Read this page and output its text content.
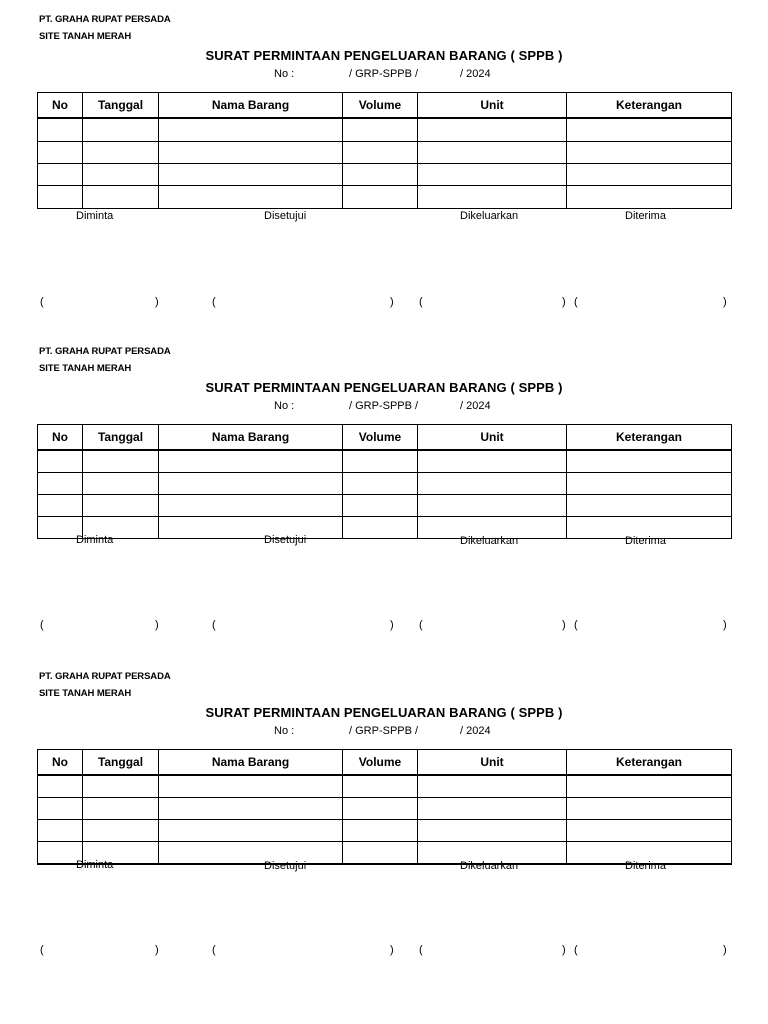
PT. GRAHA RUPAT PERSADA
SITE TANAH MERAH
SURAT PERMINTAAN PENGELUARAN BARANG ( SPPB )
No :	/ GRP-SPPB /	/ 2024
No	Tanggal	Nama Barang	Volume	Unit	Keterangan

Diminta	Disetujui	Dikeluarkan	Diterima
(	)	(	) (	) (	)
PT. GRAHA RUPAT PERSADA
SITE TANAH MERAH
SURAT PERMINTAAN PENGELUARAN BARANG ( SPPB )
No :	/ GRP-SPPB /	/ 2024
No	Tanggal	Nama Barang	Volume	Unit	Keterangan

Diminta	Disetujui	Dikeluarkan	Diterima
(	)	(	) (	) (	)
PT. GRAHA RUPAT PERSADA
SITE TANAH MERAH
SURAT PERMINTAAN PENGELUARAN BARANG ( SPPB )
No :	/ GRP-SPPB /	/ 2024
No	Tanggal	Nama Barang	Volume	Unit	Keterangan

Diminta	Disetujui	Dikeluarkan	Diterima
(	)	(	) (	) (	)
